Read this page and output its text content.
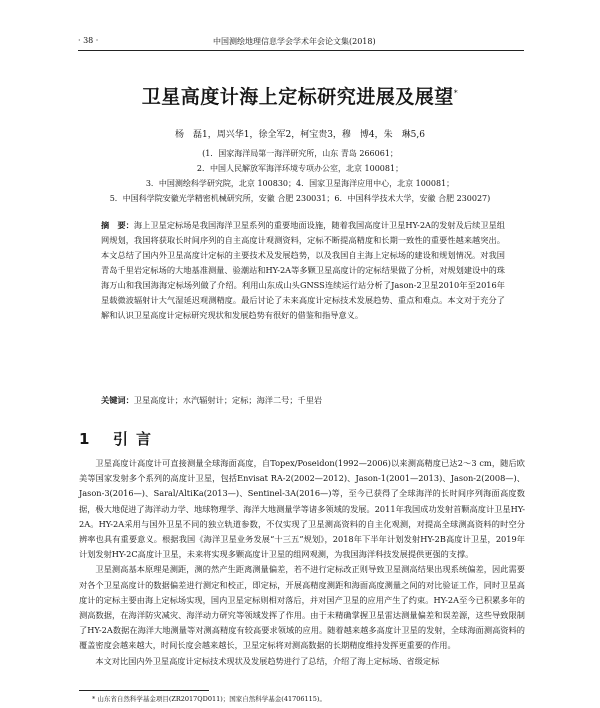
· 38 ·	中国测绘地理信息学会学术年会论文集(2018)
卫星高度计海上定标研究进展及展望*
杨　磊1，周兴华1，徐全军2，柯宝贵3，穆　博4，朱　琳5,6
(1．国家海洋局第一海洋研究所，山东 青岛 266061；
2．中国人民解放军海洋环境专项办公室，北京 100081；
3．中国测绘科学研究院，北京 100830；4．国家卫星海洋应用中心，北京 100081；
5．中国科学院安徽光学精密机械研究所，安徽 合肥 230031；6．中国科学技术大学，安徽 合肥 230027)
摘　要：海上卫星定标场是我国海洋卫星系列的重要地面设施，随着我国高度计卫星HY-2A的发射及后续卫星组网规划，我国将获取长时间序列的自主高度计观测资料，定标不断提高精度和长期一致性的重要性越来越突出。本文总结了国内外卫星高度计定标的主要技术及发展趋势，以及我国自主海上定标场的建设和规划情况。对我国青岛千里岩定标场的大地基准测量、验潮站和HY-2A等多颗卫星高度计的定标结果做了分析，对规划建设中的珠海万山和我国海海定标场列做了介绍。利用山东成山头GNSS连续运行站分析了Jason-2卫星2010年至2016年星载微波辐射计大气湿延迟观测精度。最后讨论了未来高度计定标技术发展趋势、重点和难点。本文对于充分了解和认识卫星高度计定标研究现状和发展趋势有很好的借鉴和指导意义。
关键词：卫星高度计；水汽辐射计；定标；海洋二号；千里岩
1 引言

卫星高度计高度计可直接测量全球海面高度，自Topex/Poseidon(1992—2006)以来测高精度已达2～3 cm，随后欧美等国家发射多个系列的高度计卫星，包括Envisat RA-2(2002—2012)、Jason-1(2001—2013)、Jason-2(2008—)、Jason-3(2016—)、Saral/AltiKa(2013—)、Sentinel-3A(2016—)等，至今已获得了全球海洋的长时间序列海面高度数据，极大地促进了海洋动力学、地球物理学、海洋大地测量学等诸多领域的发展。2011年我国成功发射首颗高度计卫星HY-2A。HY-2A采用与国外卫星不同的独立轨道参数，不仅实现了卫星测高资料的自主化观测，对提高全球测高资料的时空分辨率也具有重要意义。根据我国《海洋卫星业务发展“十三五”规划》，2018年下半年计划发射HY-2B高度计卫星，2019年计划发射HY-2C高度计卫星，未来将实现多颗高度计卫星的组网观测，为我国海洋科技发展提供更强的支撑。

卫星测高基本原理是测距，测的然产生距离测量偏差，若不进行定标改正则导致卫星测高结果出现系统偏差，因此需要对各个卫星高度计的数据偏差进行测定和校正，即定标，开展高精度测距和海面高度测量之间的对比验证工作，同时卫星高度计的定标主要由海上定标场实现，国内卫星定标则相对落后，并对国产卫星的应用产生了约束。HY-2A至今已积累多年的测高数据，在海洋防灾减灾、海洋动力研究等领域发挥了作用。由于未精确掌握卫星雷达测量偏差和误差源，这些导致限制了HY-2A数据在海洋大地测量等对测高精度有较高要求领域的应用。随着越来越多高度计卫星的发射，全球海面测高资料的覆盖密度会越来越大，时间长度会越来越长，卫星定标将对测高数据的长期精度维持发挥更重要的作用。

本文对比国内外卫星高度计定标技术现状及发展趋势进行了总结，介绍了海上定标场、省级定标

* 山东省自然科学基金项目(ZR2017QD011)；国家自然科学基金(41706115)。
